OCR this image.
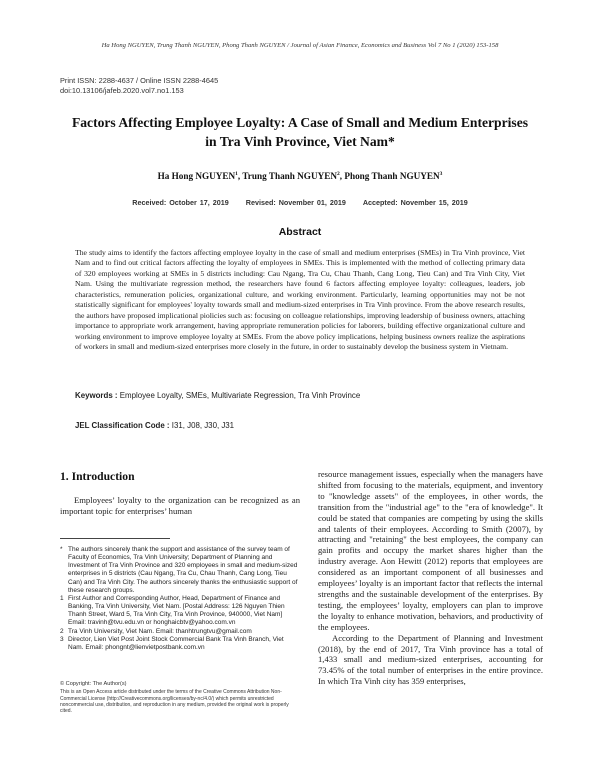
Ha Hong NGUYEN, Trung Thanh NGUYEN, Phong Thanh NGUYEN / Journal of Asian Finance, Economics and Business Vol 7 No 1 (2020) 153-158
Print ISSN: 2288-4637 / Online ISSN 2288-4645
doi:10.13106/jafeb.2020.vol7.no1.153
Factors Affecting Employee Loyalty: A Case of Small and Medium Enterprises
in Tra Vinh Province, Viet Nam*
Ha Hong NGUYEN$^1$, Trung Thanh NGUYEN$^2$, Phong Thanh NGUYEN$^3$
Received: October 17, 2019 Revised: November 01, 2019 Accepted: November 15, 2019
Abstract
The study aims to identify the factors affecting employee loyalty in the case of small and medium enterprises (SMEs) in Tra Vinh province, Viet Nam and to find out critical factors affecting the loyalty of employees in SMEs. This is implemented with the method of collecting primary data of 320 employees working at SMEs in 5 districts including: Cau Ngang, Tra Cu, Chau Thanh, Cang Long, Tieu Can) and Tra Vinh City, Viet Nam. Using the multivariate regression method, the researchers have found 6 factors affecting employee loyalty: colleagues, leaders, job characteristics, remuneration policies, organizational culture, and working environment. Particularly, learning opportunities may not be not statistically significant for employees' loyalty towards small and medium-sized enterprises in Tra Vinh province. From the above research results, the authors have proposed implicational piolicies such as: focusing on colleague relationships, improving leadership of business owners, attaching importance to appropriate work arrangement, having appropriate remuneration policies for laborers, building effective organizational culture and working environment to improve employee loyalty at SMEs. From the above policy implications, helping business owners realize the aspirations of workers in small and medium-sized enterprises more closely in the future, in order to sustainably develop the business system in Vietnam.
Keywords : Employee Loyalty, SMEs, Multivariate Regression, Tra Vinh Province
JEL Classification Code : I31, J08, J30, J31
1. Introduction

Employees’ loyalty to the organization can be recognized as an important topic for enterprises’ human

* The authors sincerely thank the support and assistance of the survey team of Faculty of Economics, Tra Vinh University; Department of Planning and Investment of Tra Vinh Province and 320 employees in small and medium-sized enterprises in 5 districts (Cau Ngang, Tra Cu, Chau Thanh, Cang Long, Tieu Can) and Tra Vinh City. The authors sincerely thanks the enthusiastic support of these research groups.
1 First Author and Corresponding Author, Head, Department of Finance and Banking, Tra Vinh University, Viet Nam. [Postal Address: 126 Nguyen Thien Thanh Street, Ward 5, Tra Vinh City, Tra Vinh Province, 940000, Viet Nam] Email: travinh@tvu.edu.vn or honghaicbtv@yahoo.com.vn
2 Tra Vinh University, Viet Nam. Email: thanhtrungtvu@gmail.com
3 Director, Lien Viet Post Joint Stock Commercial Bank Tra Vinh Branch, Viet Nam. Email: phongnt@lienvietpostbank.com.vn
© Copyright: The Author(s)
This is an Open Access article distributed under the terms of the Creative Commons Attribution Non-Commercial License (http://Creativecommons.org/licenses/by-nc/4.0/) which permits unrestricted noncommercial use, distribution, and reproduction in any medium, provided the original work is properly cited.

resource management issues, especially when the managers have shifted from focusing to the materials, equipment, and inventory to "knowledge assets" of the employees, in other words, the transition from the "industrial age" to the "era of knowledge". It could be stated that companies are competing by using the skills and talents of their employees. According to Smith (2007), by attracting and "retaining" the best employees, the company can gain profits and occupy the market shares higher than the industry average. Aon Hewitt (2012) reports that employees are considered as an important component of all businesses and employees’ loyalty is an important factor that reflects the internal strengths and the sustainable development of the enterprises. By testing, the employees’ loyalty, employers can plan to improve the loyalty to enhance motivation, behaviors, and productivity of the employees.

According to the Department of Planning and Investment (2018), by the end of 2017, Tra Vinh province has a total of 1,433 small and medium-sized enterprises, accounting for 73.45% of the total number of enterprises in the entire province. In which Tra Vinh city has 359 enterprises,
